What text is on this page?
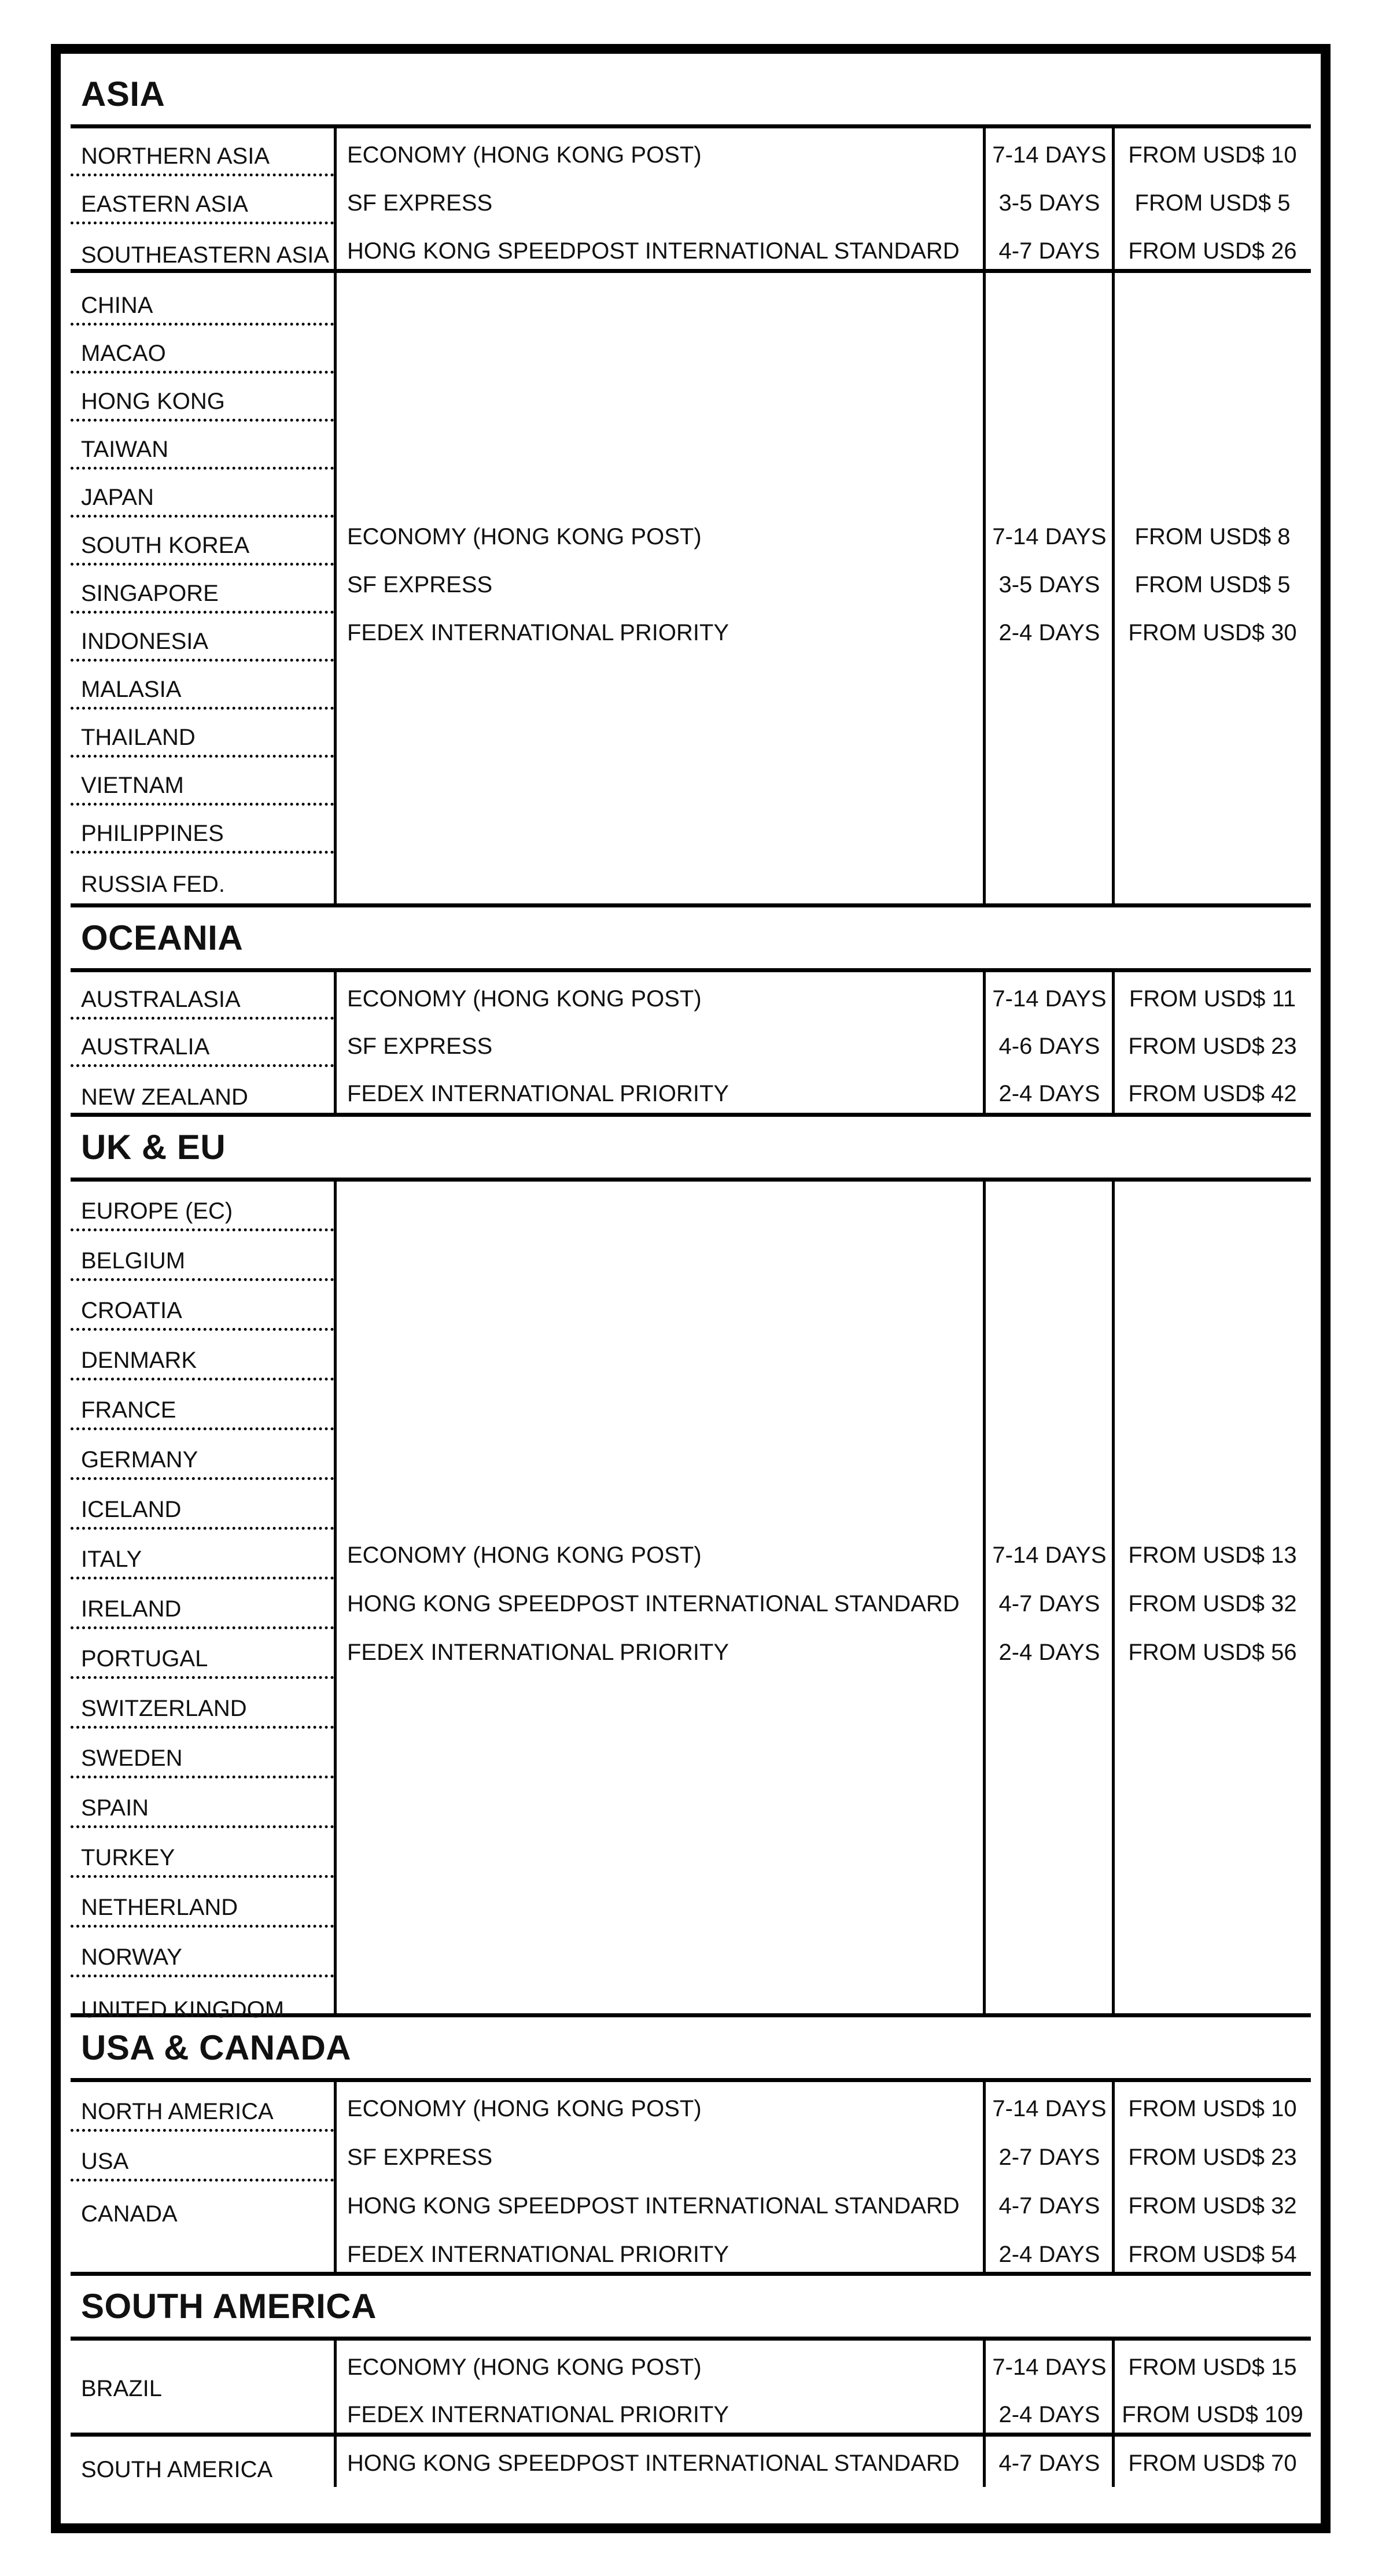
ASIA
NORTHERN ASIA
EASTERN ASIA
SOUTHEASTERN ASIA
ECONOMY (HONG KONG POST)	7-14 DAYS FROM USD$ 10
SF EXPRESS	3-5 DAYS	FROM USD$ 5
HONG KONG SPEEDPOST INTERNATIONAL STANDARD	4-7 DAYS	FROM USD$ 26
CHINA
MACAO
HONG KONG
TAIWAN
JAPAN
SOUTH KOREA
SINGAPORE
INDONESIA
MALASIA
THAILAND
VIETNAM
PHILIPPINES
RUSSIA FED.
ECONOMY (HONG KONG POST)	7-14 DAYS	FROM USD$ 8
SF EXPRESS	3-5 DAYS	FROM USD$ 5
FEDEX INTERNATIONAL PRIORITY	2-4 DAYS	FROM USD$ 30
OCEANIA
AUSTRALASIA
AUSTRALIA
NEW ZEALAND
ECONOMY (HONG KONG POST)	7-14 DAYS FROM USD$ 11
SF EXPRESS	4-6 DAYS	FROM USD$ 23
FEDEX INTERNATIONAL PRIORITY	2-4 DAYS	FROM USD$ 42
UK & EU
EUROPE (EC)
BELGIUM
CROATIA
DENMARK
FRANCE
GERMANY
ICELAND
ITALY
IRELAND
PORTUGAL
SWITZERLAND
SWEDEN
SPAIN
TURKEY
NETHERLAND
NORWAY
UNITED KINGDOM
ECONOMY (HONG KONG POST)	7-14 DAYS FROM USD$ 13
HONG KONG SPEEDPOST INTERNATIONAL STANDARD	4-7 DAYS	FROM USD$ 32
FEDEX INTERNATIONAL PRIORITY	2-4 DAYS	FROM USD$ 56
USA & CANADA
NORTH AMERICA
USA
CANADA
ECONOMY (HONG KONG POST)	7-14 DAYS FROM USD$ 10
SF EXPRESS	2-7 DAYS	FROM USD$ 23
HONG KONG SPEEDPOST INTERNATIONAL STANDARD	4-7 DAYS	FROM USD$ 32
FEDEX INTERNATIONAL PRIORITY	2-4 DAYS	FROM USD$ 54
SOUTH AMERICA
BRAZIL
ECONOMY (HONG KONG POST)	7-14 DAYS FROM USD$ 15
FEDEX INTERNATIONAL PRIORITY	2-4 DAYS FROM USD$ 109
SOUTH AMERICA	HONG KONG SPEEDPOST INTERNATIONAL STANDARD	4-7 DAYS	FROM USD$ 70
